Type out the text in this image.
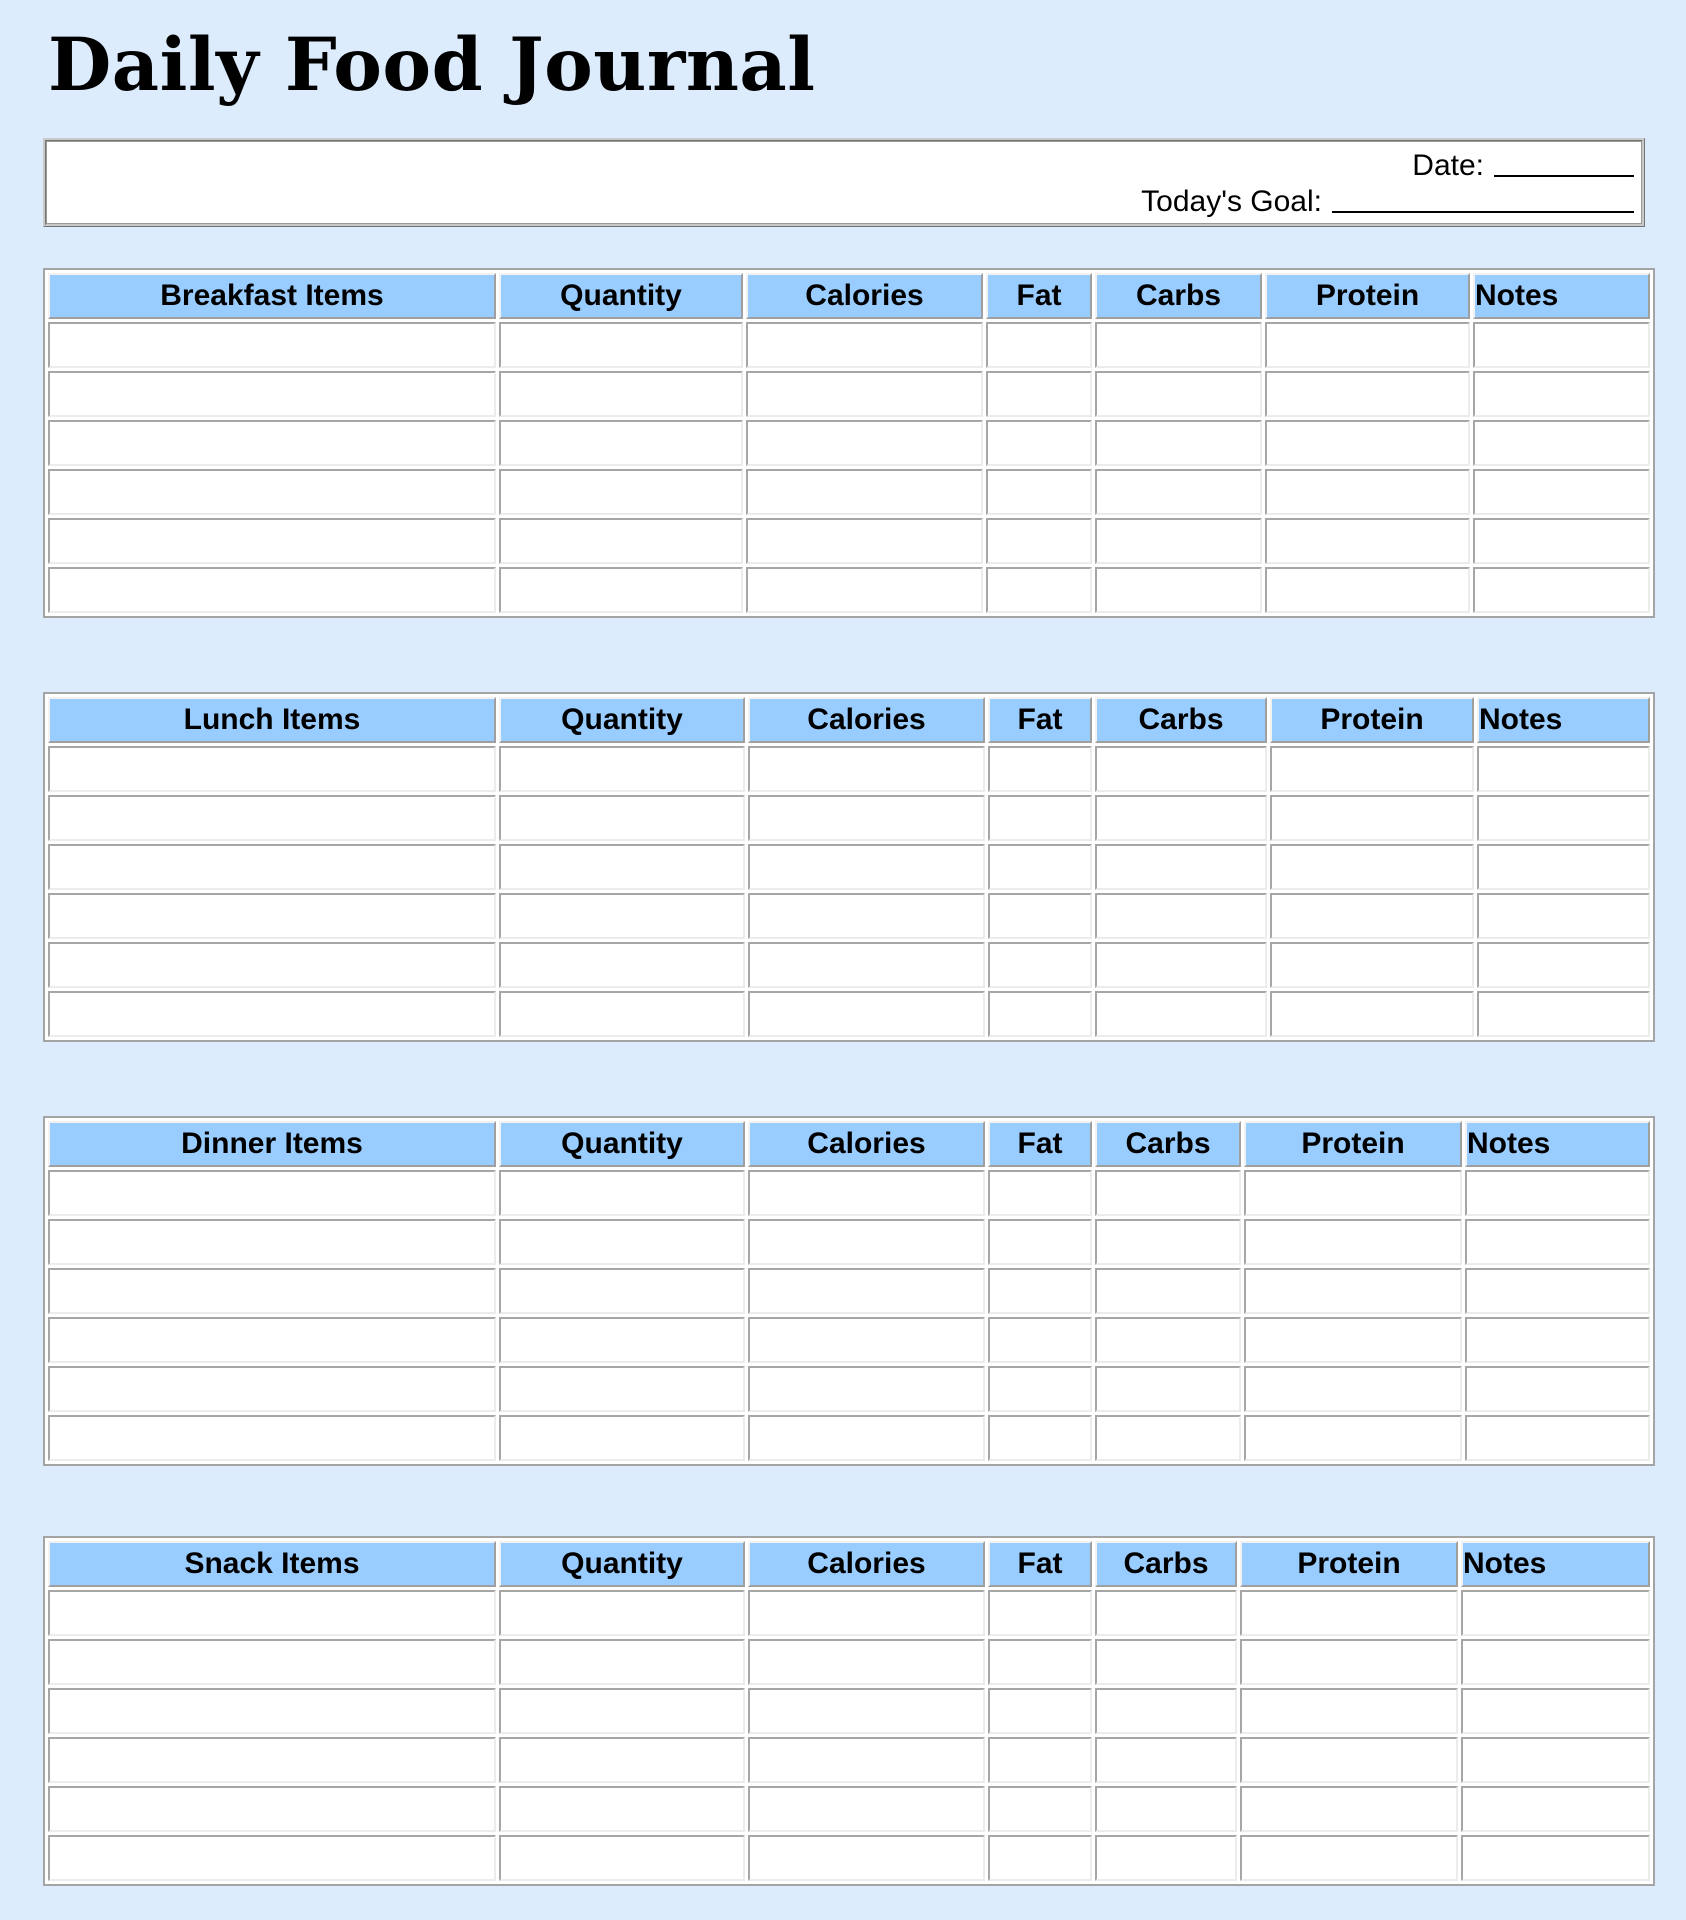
Daily Food Journal
Date:
Today's Goal:
Breakfast Items	Quantity	Calories	Fat	Carbs	Protein	Notes

Lunch Items	Quantity	Calories	Fat	Carbs	Protein	Notes

Dinner Items	Quantity	Calories	Fat	Carbs	Protein	Notes

Snack Items	Quantity	Calories	Fat	Carbs	Protein	Notes
